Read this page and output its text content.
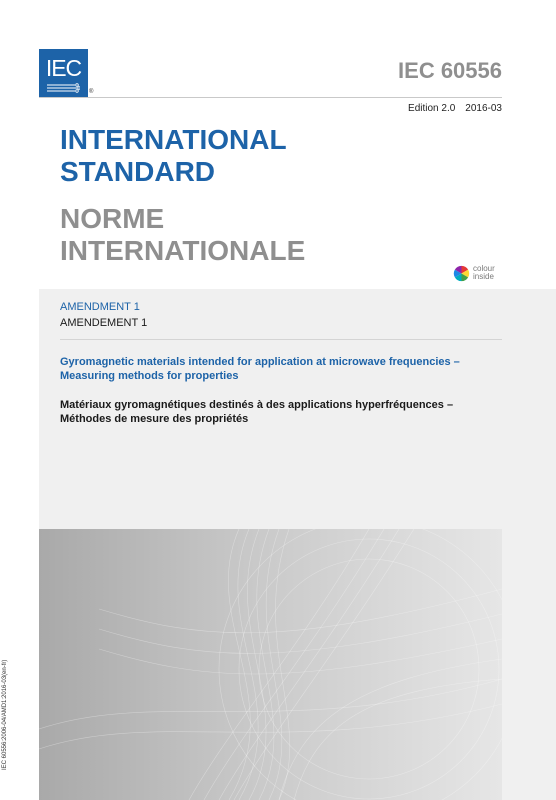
IEC
®
IEC 60556
Edition 2.0 2016-03
INTERNATIONAL
STANDARD
NORME
INTERNATIONALE
colour
inside
AMENDMENT 1
AMENDEMENT 1
Gyromagnetic materials intended for application at microwave frequencies –
Measuring methods for properties
Matériaux gyromagnétiques destinés à des applications hyperfréquences –
Méthodes de mesure des propriétés
IEC 60556:2006-04/AMD1:2016-03(en-fr)
